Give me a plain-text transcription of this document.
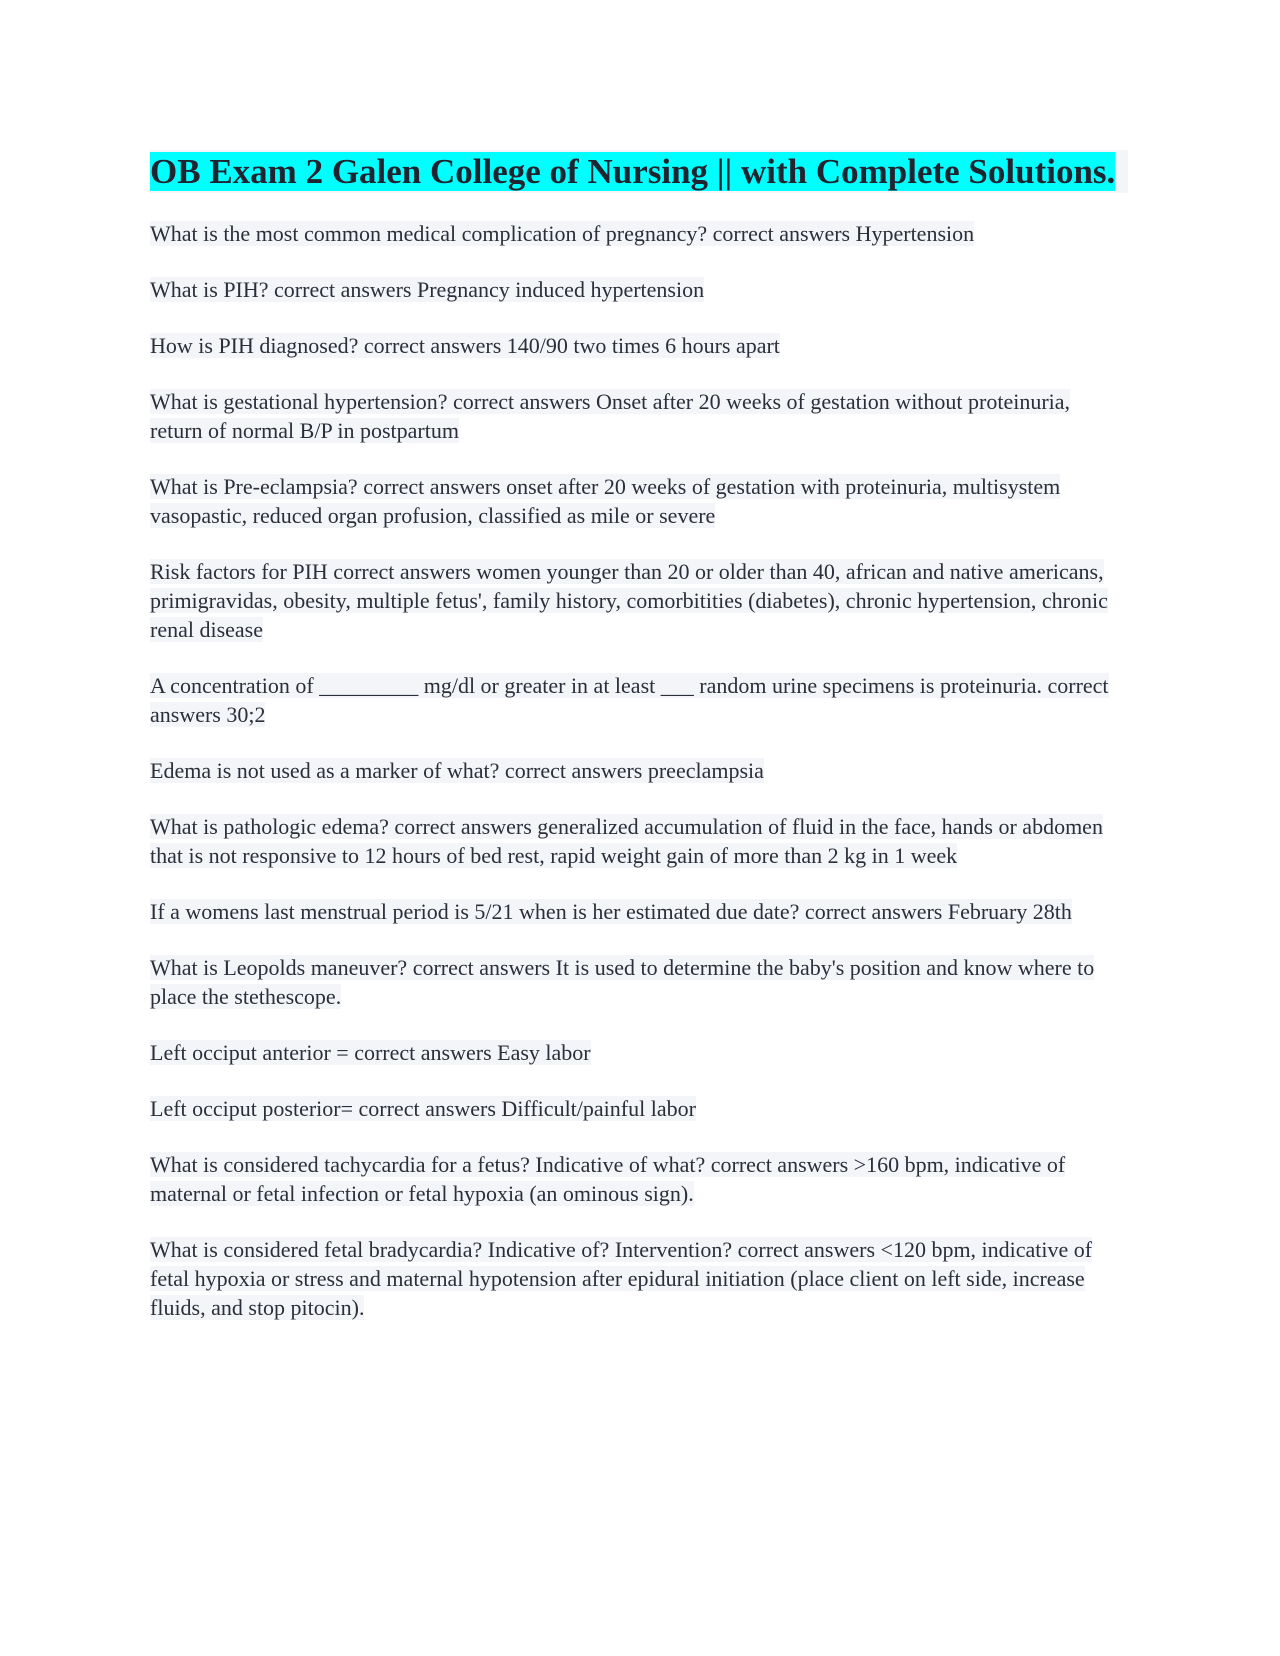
OB Exam 2 Galen College of Nursing || with Complete Solutions.

What is the most common medical complication of pregnancy? correct answers Hypertension

What is PIH? correct answers Pregnancy induced hypertension

How is PIH diagnosed? correct answers 140/90 two times 6 hours apart

What is gestational hypertension? correct answers Onset after 20 weeks of gestation without proteinuria, return of normal B/P in postpartum

What is Pre-eclampsia? correct answers onset after 20 weeks of gestation with proteinuria, multisystem vasopastic, reduced organ profusion, classified as mile or severe

Risk factors for PIH correct answers women younger than 20 or older than 40, african and native americans, primigravidas, obesity, multiple fetus', family history, comorbitities (diabetes), chronic hypertension, chronic renal disease

A concentration of _________ mg/dl or greater in at least ___ random urine specimens is proteinuria. correct answers 30;2

Edema is not used as a marker of what? correct answers preeclampsia

What is pathologic edema? correct answers generalized accumulation of fluid in the face, hands or abdomen that is not responsive to 12 hours of bed rest, rapid weight gain of more than 2 kg in 1 week

If a womens last menstrual period is 5/21 when is her estimated due date? correct answers February 28th

What is Leopolds maneuver? correct answers It is used to determine the baby's position and know where to place the stethescope.

Left occiput anterior = correct answers Easy labor

Left occiput posterior= correct answers Difficult/painful labor

What is considered tachycardia for a fetus? Indicative of what? correct answers >160 bpm, indicative of maternal or fetal infection or fetal hypoxia (an ominous sign).

What is considered fetal bradycardia? Indicative of? Intervention? correct answers <120 bpm, indicative of fetal hypoxia or stress and maternal hypotension after epidural initiation (place client on left side, increase fluids, and stop pitocin).
